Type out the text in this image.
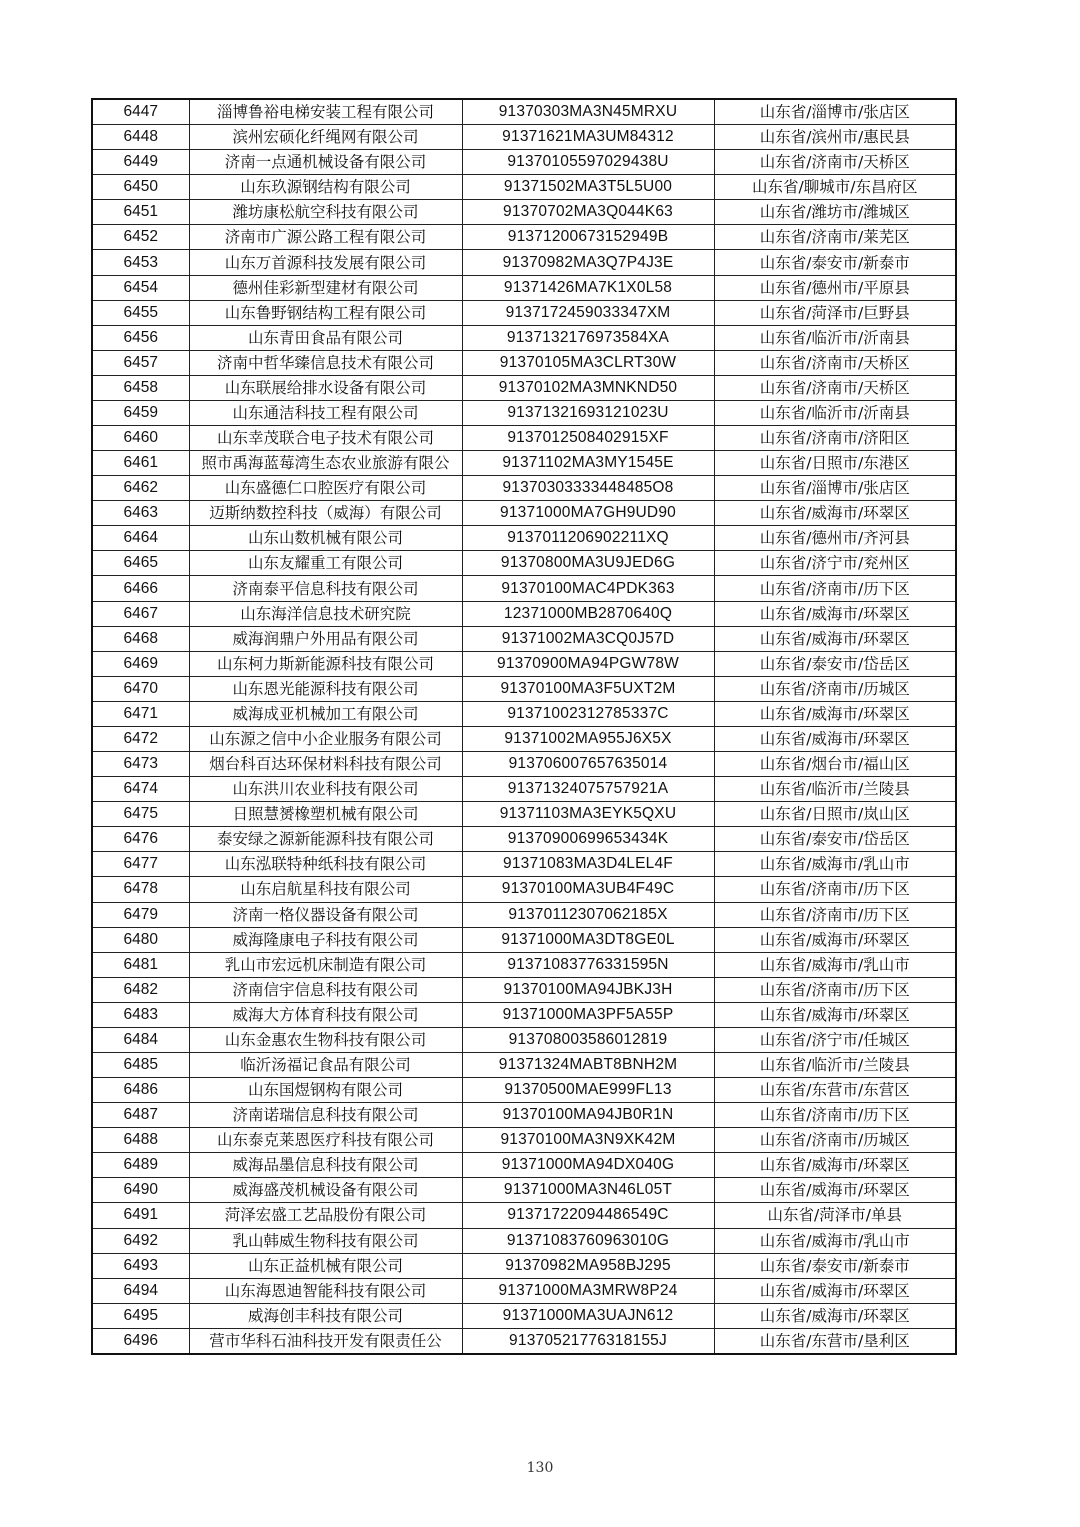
6447	淄博鲁裕电梯安装工程有限公司	91370303MA3N45MRXU	山东省/淄博市/张店区
6448	滨州宏硕化纤绳网有限公司	91371621MA3UM84312	山东省/滨州市/惠民县
6449	济南一点通机械设备有限公司	91370105597029438U	山东省/济南市/天桥区
6450	山东玖源钢结构有限公司	91371502MA3T5L5U00	山东省/聊城市/东昌府区
6451	潍坊康松航空科技有限公司	91370702MA3Q044K63	山东省/潍坊市/潍城区
6452	济南市广源公路工程有限公司	91371200673152949B	山东省/济南市/莱芜区
6453	山东万首源科技发展有限公司	91370982MA3Q7P4J3E	山东省/泰安市/新泰市
6454	德州佳彩新型建材有限公司	91371426MA7K1X0L58	山东省/德州市/平原县
6455	山东鲁野钢结构工程有限公司	9137172459033347XM	山东省/菏泽市/巨野县
6456	山东青田食品有限公司	9137132176973584XA	山东省/临沂市/沂南县
6457	济南中哲华臻信息技术有限公司	91370105MA3CLRT30W	山东省/济南市/天桥区
6458	山东联展给排水设备有限公司	91370102MA3MNKND50	山东省/济南市/天桥区
6459	山东通洁科技工程有限公司	91371321693121023U	山东省/临沂市/沂南县
6460	山东幸茂联合电子技术有限公司	9137012508402915XF	山东省/济南市/济阳区
6461	照市禹海蓝莓湾生态农业旅游有限公	91371102MA3MY1545E	山东省/日照市/东港区
6462	山东盛德仁口腔医疗有限公司	91370303333448485O8	山东省/淄博市/张店区
6463	迈斯纳数控科技（威海）有限公司	91371000MA7GH9UD90	山东省/威海市/环翠区
6464	山东山数机械有限公司	9137011206902211XQ	山东省/德州市/齐河县
6465	山东友耀重工有限公司	91370800MA3U9JED6G	山东省/济宁市/兖州区
6466	济南泰平信息科技有限公司	91370100MAC4PDK363	山东省/济南市/历下区
6467	山东海洋信息技术研究院	12371000MB2870640Q	山东省/威海市/环翠区
6468	威海润鼎户外用品有限公司	91371002MA3CQ0J57D	山东省/威海市/环翠区
6469	山东柯力斯新能源科技有限公司	91370900MA94PGW78W	山东省/泰安市/岱岳区
6470	山东恩光能源科技有限公司	91370100MA3F5UXT2M	山东省/济南市/历城区
6471	威海成亚机械加工有限公司	91371002312785337C	山东省/威海市/环翠区
6472	山东源之信中小企业服务有限公司	91371002MA955J6X5X	山东省/威海市/环翠区
6473	烟台科百达环保材料科技有限公司	91370600765763​5014	山东省/烟台市/福山区
6474	山东洪川农业科技有限公司	91371324075757921A	山东省/临沂市/兰陵县
6475	日照慧赟橡塑机械有限公司	91371103MA3EYK5QXU	山东省/日照市/岚山区
6476	泰安绿之源新能源科技有限公司	91370900699653434K	山东省/泰安市/岱岳区
6477	山东泓联特种纸科技有限公司	91371083MA3D4LEL4F	山东省/威海市/乳山市
6478	山东启航星科技有限公司	91370100MA3UB4F49C	山东省/济南市/历下区
6479	济南一格仪器设备有限公司	91370112307062185X	山东省/济南市/历下区
6480	威海隆康电子科技有限公司	91371000MA3DT8GE0L	山东省/威海市/环翠区
6481	乳山市宏远机床制造有限公司	91371083776331595N	山东省/威海市/乳山市
6482	济南信宇信息科技有限公司	91370100MA94JBKJ3H	山东省/济南市/历下区
6483	威海大方体育科技有限公司	91371000MA3PF5A55P	山东省/威海市/环翠区
6484	山东金惠农生物科技有限公司	91370800358601​2819	山东省/济宁市/任城区
6485	临沂汤福记食品有限公司	91371324MABT8BNH2M	山东省/临沂市/兰陵县
6486	山东国煜钢构有限公司	91370500MAE999FL13	山东省/东营市/东营区
6487	济南诺瑞信息科技有限公司	91370100MA94JB0R1N	山东省/济南市/历下区
6488	山东泰克莱恩医疗科技有限公司	91370100MA3N9XK42M	山东省/济南市/历城区
6489	威海品墨信息科技有限公司	91371000MA94DX040G	山东省/威海市/环翠区
6490	威海盛茂机械设备有限公司	91371000MA3N46L05T	山东省/威海市/环翠区
6491	菏泽宏盛工艺品股份有限公司	91371722094486549C	山东省/菏泽市/单县
6492	乳山韩威生物科技有限公司	91371083760963010G	山东省/威海市/乳山市
6493	山东正益机械有限公司	91370982MA958BJ295	山东省/泰安市/新泰市
6494	山东海恩迪智能科技有限公司	91371000MA3MRW8P24	山东省/威海市/环翠区
6495	威海创丰科技有限公司	91371000MA3UAJN612	山东省/威海市/环翠区
6496	营市华科石油科技开发有限责任公	91370521776318155J	山东省/东营市/垦利区
130
